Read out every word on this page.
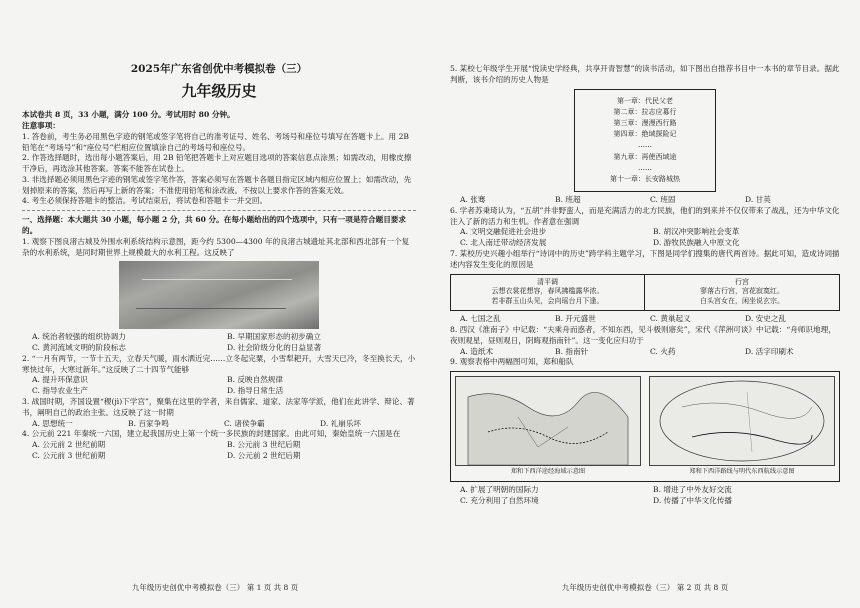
2025年广东省创优中考模拟卷（三）
九年级历史

本试卷共 8 页，33 小题，满分 100 分。考试用时 80 分钟。

注意事项：

1. 答卷前，考生务必用黑色字迹的钢笔或签字笔将自己的准考证号、姓名、考场号和座位号填写在答题卡上。用 2B 铅笔在“考场号”和“座位号”栏相应位置填涂自己的考场号和座位号。

2. 作答选择题时，选出每小题答案后，用 2B 铅笔把答题卡上对应题目选项的答案信息点涂黑；如需改动，用橡皮擦干净后，再选涂其他答案。答案不能答在试卷上。

3. 非选择题必须用黑色字迹的钢笔或签字笔作答，答案必须写在答题卡各题目指定区域内相应位置上；如需改动，先划掉原来的答案，然后再写上新的答案；不准使用铅笔和涂改液。不按以上要求作答的答案无效。

4. 考生必须保持答题卡的整洁。考试结束后，将试卷和答题卡一并交回。

一、选择题：本大题共 30 小题，每小题 2 分，共 60 分。在每小题给出的四个选项中，只有一项是符合题目要求的。

1. 观察下图良渚古城及外围水利系统结构示意图，距今约 5300—4300 年的良渚古城遗址其北部和西北部有一个复杂的水利系统，是同时期世界上规模最大的水利工程。这反映了

A. 统治者较强的组织协调力	B. 早期国家形态的初步确立
C. 黄河流域文明的阶段标志	D. 社会阶级分化的日益显著

2. “一月有两节，一节十五天，立春天气暖，雨水洒近完……立冬起完粟，小雪犁耙开，大雪天已冷，冬至换长天，小寒快过年，大寒过新年。”这反映了二十四节气能够

A. 提升环保意识	B. 反映自然规律
C. 指导农业生产	D. 指导日常生活

3. 战国时期，齐国设置“稷(jì)下学宫”，聚集在这里的学者，来自儒家、道家、法家等学派，他们在此讲学、辩论、著书，阐明自己的政治主张。这反映了这一时期

A. 思想统一	B. 百家争鸣	C. 诸侯争霸	D. 礼崩乐坏

4. 公元前 221 年秦统一六国，建立起我国历史上第一个统一多民族的封建国家。由此可知，秦始皇统一六国是在

A. 公元前 2 世纪前期	B. 公元前 3 世纪后期
C. 公元前 3 世纪前期	D. 公元前 2 世纪后期
九年级历史创优中考模拟卷（三） 第 1 页 共 8 页

5. 某校七年级学生开展“悦读史学经典，共享开青智慧”的读书活动，如下图出自推荐书目中一本书的章节目录。据此判断，该书介绍的历史人物是

第一章：代民父老
第二章：拉志应募行
第三章：漫漫西行路
第四章：绝域探险记
……
第九章：再使西域途
……
第十一章：长安路城热
A. 张骞	B. 班超	C. 班固	D. 甘英

6. 学者苏秉琦认为，“五胡”并非野蛮人，而是充满活力的北方民族，他们的到来并不仅仅带来了战乱，还为中华文化注入了新的活力和生机。作者意在强调

A. 文明交融促进社会进步	B. 胡汉冲突影响社会变革
C. 北人南迁带动经济发展	D. 游牧民族融入中原文化

7. 某校历史兴趣小组举行“诗词中的历史”跨学科主题学习，下图是同学们搜集的唐代两首诗。据此可知，造成诗词描述内容发生变化的原因是

清平调
云想衣裳花想容，春风拂槛露华浓。
若非群玉山头见，会向瑶台月下逢。
行宫
寥落古行宫，宫花寂寞红。
白头宫女在，闲坐说玄宗。
A. 七国之乱	B. 开元盛世	C. 黄巢起义	D. 安史之乱

8. 西汉《淮南子》中记载：“夫乘舟而惑者，不知东西，见斗极则寤矣”，宋代《萍洲可谈》中记载：“舟师识地理，夜则观星，昼则观日，阴晦观指南针”。这一变化应归功于

A. 造纸术	B. 指南针	C. 火药	D. 活字印刷术

9. 观察表格中两幅图可知，郑和船队

郑和下西洋途经海域示意图	郑和下西洋路线与明代东西航线示意图
A. 扩展了明朝的国际力	B. 增进了中外友好交流
C. 充分利用了自然环境	D. 传播了中华文化传播
九年级历史创优中考模拟卷（三） 第 2 页 共 8 页
